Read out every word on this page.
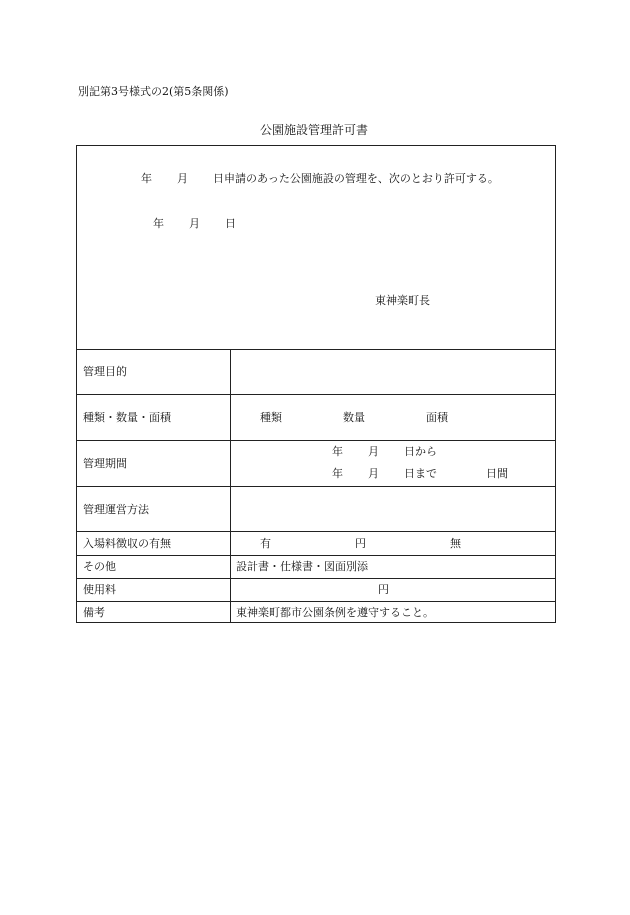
別記第3号様式の2(第5条関係)
公園施設管理許可書
年 月 日申請のあった公園施設の管理を、次のとおり許可する。
年 月 日
東神楽町長
管理目的
種類・数量・面積	種類	数量	面積
管理期間
年 月 日から
年 月 日まで	日間
管理運営方法
入場料徴収の有無	有	円	無
その他	設計書・仕様書・図面別添
使用料	円
備考	東神楽町都市公園条例を遵守すること。
